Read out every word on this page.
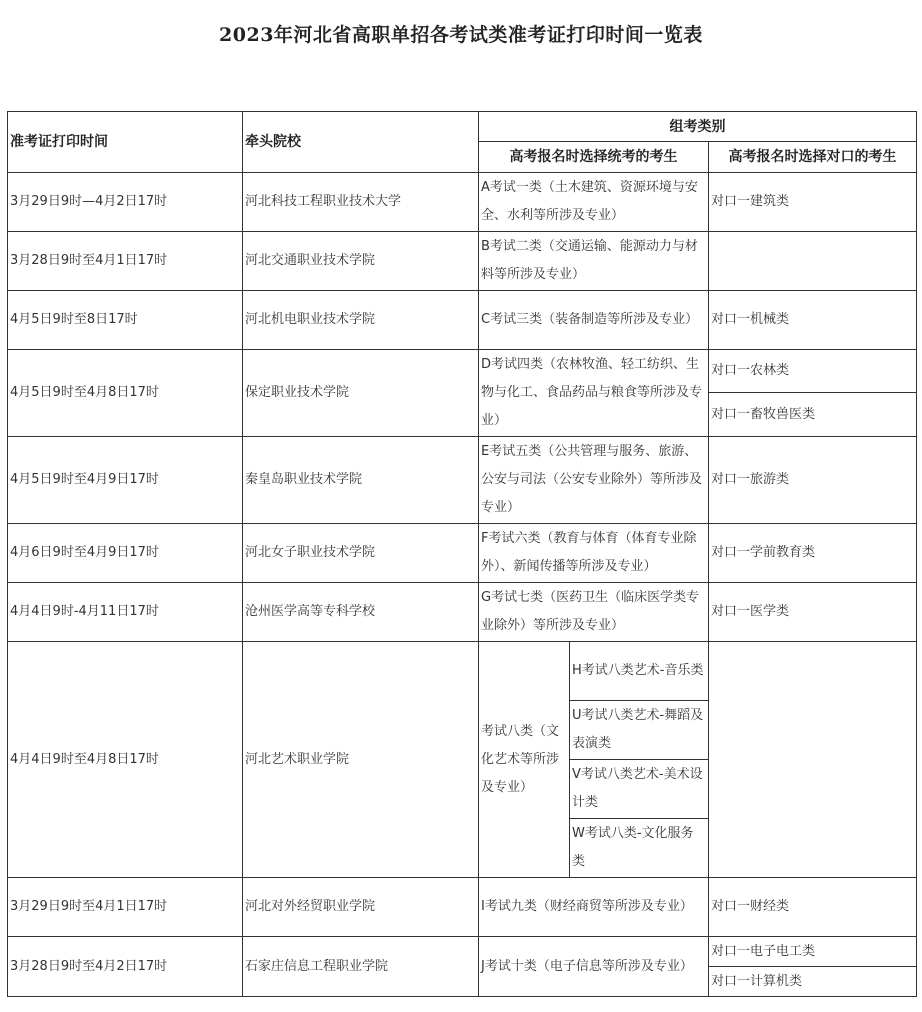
2023年河北省高职单招各考试类准考证打印时间一览表
准考证打印时间	牵头院校	组考类别		
		高考报名时选择统考的考生		高考报名时选择对口的考生
3月29日9时—4月2日17时	河北科技工程职业技术大学	A考试一类（土木建筑、资源环境与安全、水利等所涉及专业）		对口一建筑类
3月28日9时至4月1日17时	河北交通职业技术学院	B考试二类（交通运输、能源动力与材料等所涉及专业）		
4月5日9时至8日17时	河北机电职业技术学院	C考试三类（装备制造等所涉及专业）		对口一机械类
4月5日9时至4月8日17时	保定职业技术学院	D考试四类（农林牧渔、轻工纺织、生物与化工、食品药品与粮食等所涉及专业）		对口一农林类
				对口一畜牧兽医类
4月5日9时至4月9日17时	秦皇岛职业技术学院	E考试五类（公共管理与服务、旅游、公安与司法（公安专业除外）等所涉及专业）		对口一旅游类
4月6日9时至4月9日17时	河北女子职业技术学院	F考试六类（教育与体育（体育专业除外）、新闻传播等所涉及专业）		对口一学前教育类
4月4日9时-4月11日17时	沧州医学高等专科学校	G考试七类（医药卫生（临床医学类专业除外）等所涉及专业）		对口一医学类
4月4日9时至4月8日17时	河北艺术职业学院	考试八类（文化艺术等所涉及专业）	H考试八类艺术-音乐类	
			U考试八类艺术-舞蹈及表演类	
			V考试八类艺术-美术设计类	
			W考试八类-文化服务类	
3月29日9时至4月1日17时	河北对外经贸职业学院	I考试九类（财经商贸等所涉及专业）		对口一财经类
3月28日9时至4月2日17时	石家庄信息工程职业学院	J考试十类（电子信息等所涉及专业）		对口一电子电工类
				对口一计算机类
